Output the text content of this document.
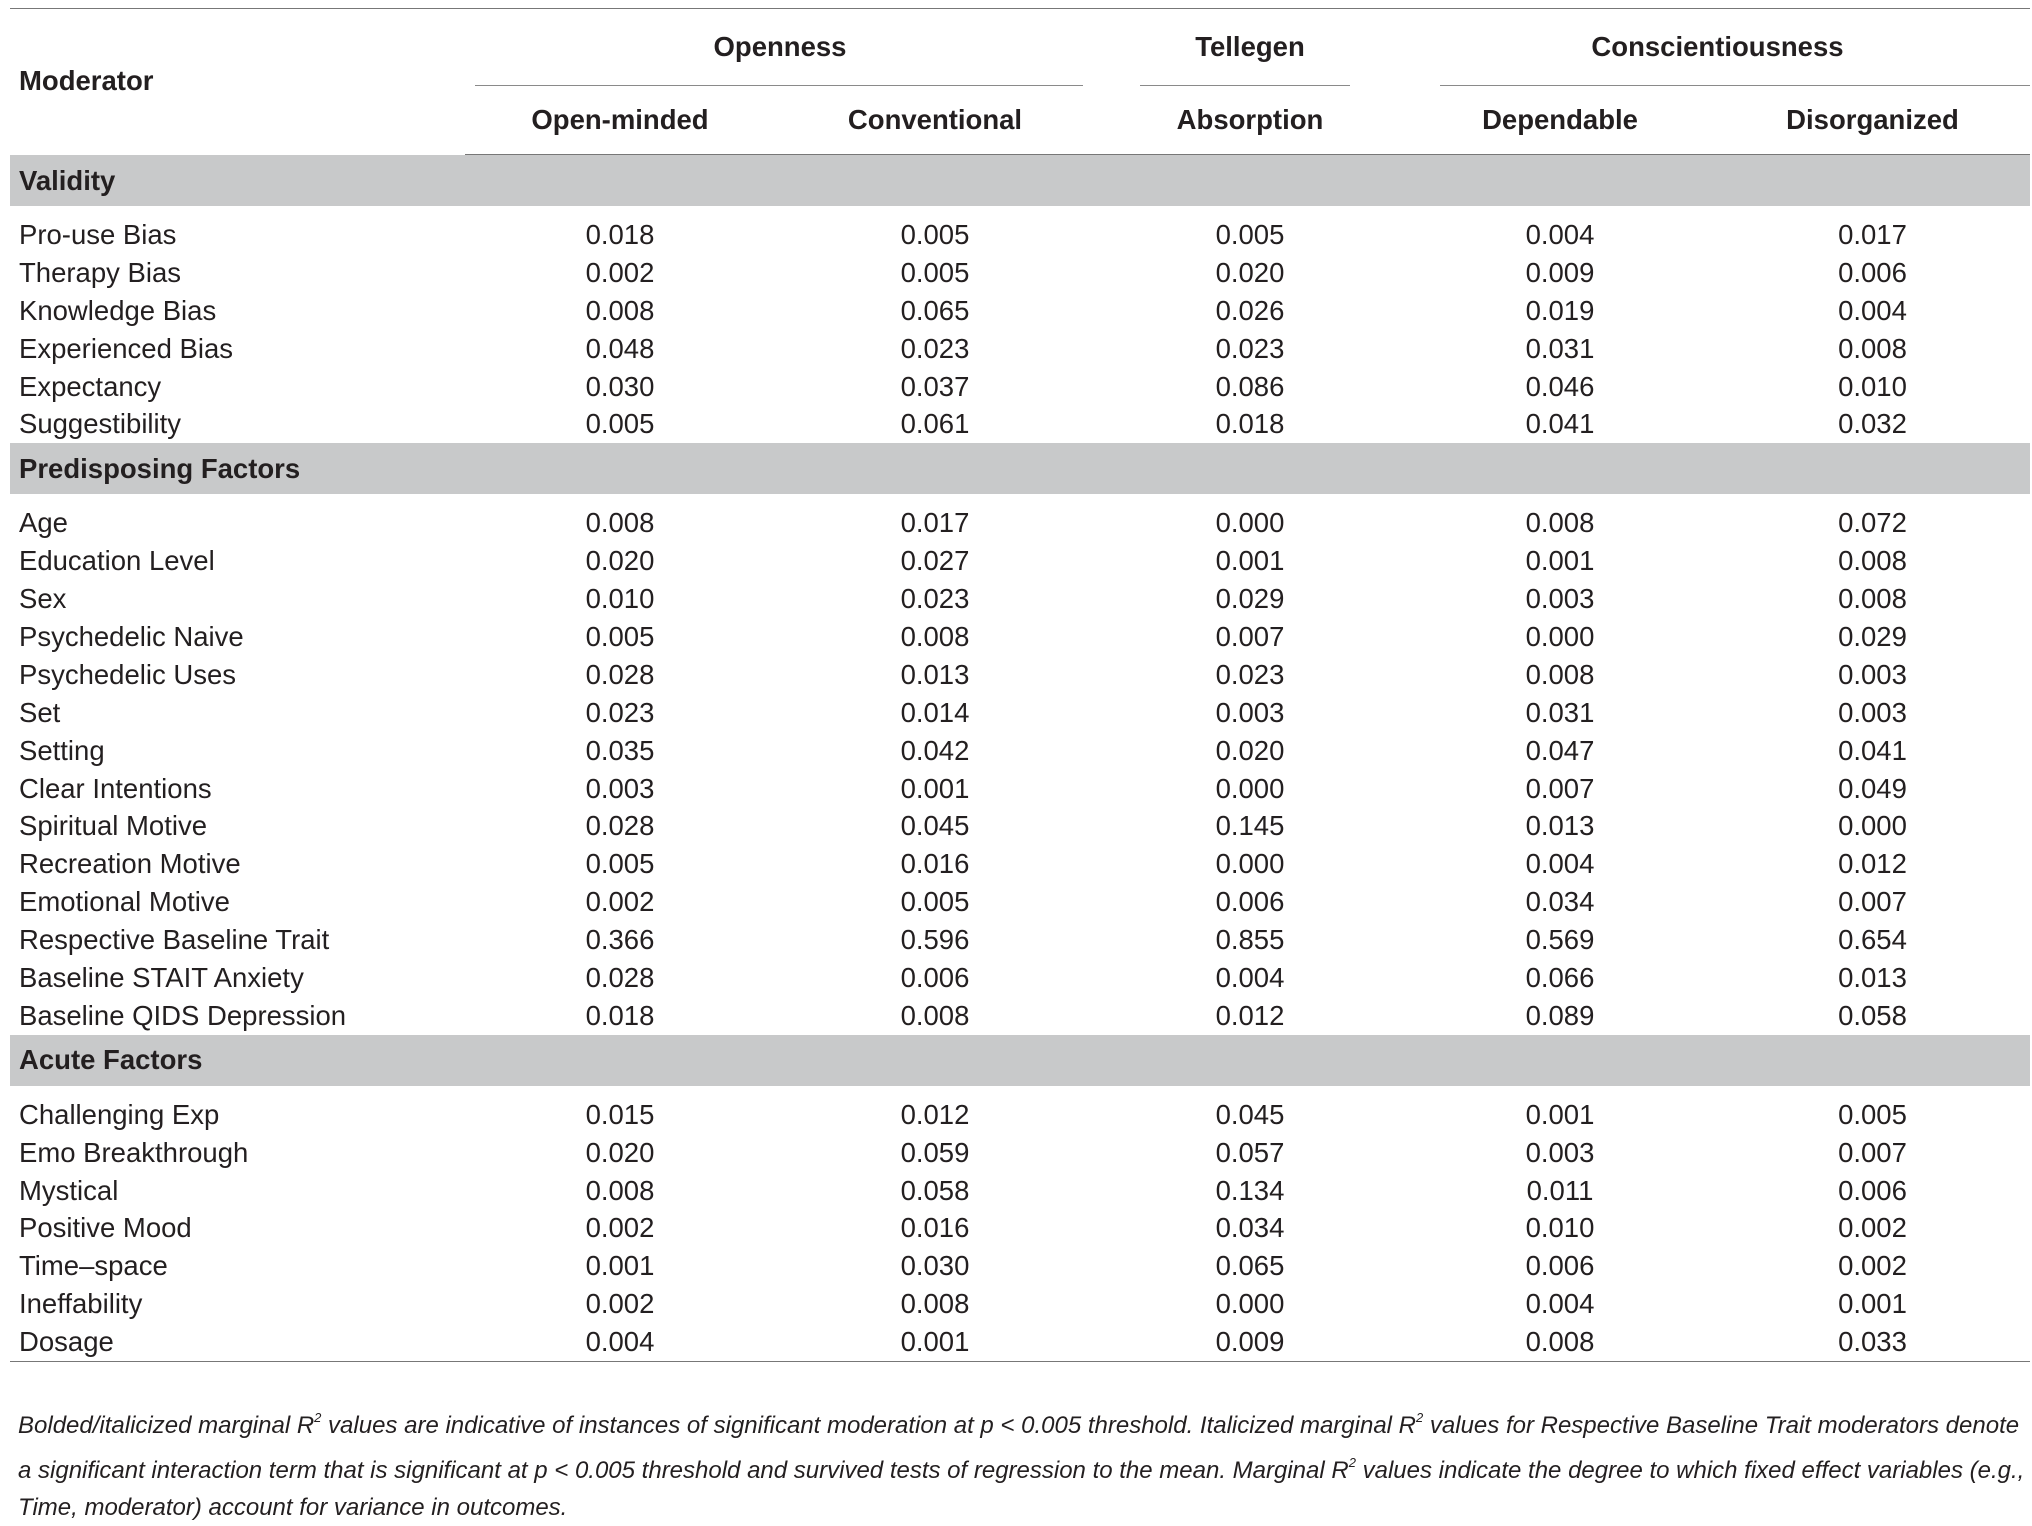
Moderator	Openness		Tellegen	Conscientiousness	

	Open-minded	Conventional	Absorption	Dependable	Disorganized
Validity					

Pro-use Bias	0.018	0.005	0.005	0.004	0.017
Therapy Bias	0.002	0.005	0.020	0.009	0.006
Knowledge Bias	0.008	0.065	0.026	0.019	0.004
Experienced Bias	0.048	0.023	0.023	0.031	0.008
Expectancy	0.030	0.037	0.086	0.046	0.010
Suggestibility	0.005	0.061	0.018	0.041	0.032
Predisposing Factors					

Age	0.008	0.017	0.000	0.008	0.072
Education Level	0.020	0.027	0.001	0.001	0.008
Sex	0.010	0.023	0.029	0.003	0.008
Psychedelic Naive	0.005	0.008	0.007	0.000	0.029
Psychedelic Uses	0.028	0.013	0.023	0.008	0.003
Set	0.023	0.014	0.003	0.031	0.003
Setting	0.035	0.042	0.020	0.047	0.041
Clear Intentions	0.003	0.001	0.000	0.007	0.049
Spiritual Motive	0.028	0.045	0.145	0.013	0.000
Recreation Motive	0.005	0.016	0.000	0.004	0.012
Emotional Motive	0.002	0.005	0.006	0.034	0.007
Respective Baseline Trait	0.366	0.596	0.855	0.569	0.654
Baseline STAIT Anxiety	0.028	0.006	0.004	0.066	0.013
Baseline QIDS Depression	0.018	0.008	0.012	0.089	0.058
Acute Factors					

Challenging Exp	0.015	0.012	0.045	0.001	0.005
Emo Breakthrough	0.020	0.059	0.057	0.003	0.007
Mystical	0.008	0.058	0.134	0.011	0.006
Positive Mood	0.002	0.016	0.034	0.010	0.002
Time–space	0.001	0.030	0.065	0.006	0.002
Ineffability	0.002	0.008	0.000	0.004	0.001
Dosage	0.004	0.001	0.009	0.008	0.033
Bolded/italicized marginal $R^2$ values are indicative of instances of significant moderation at p < 0.005 threshold. Italicized marginal $R^2$ values for Respective Baseline Trait moderators denote a significant interaction term that is significant at p < 0.005 threshold and survived tests of regression to the mean. Marginal $R^2$ values indicate the degree to which fixed effect variables (e.g., Time, moderator) account for variance in outcomes.
